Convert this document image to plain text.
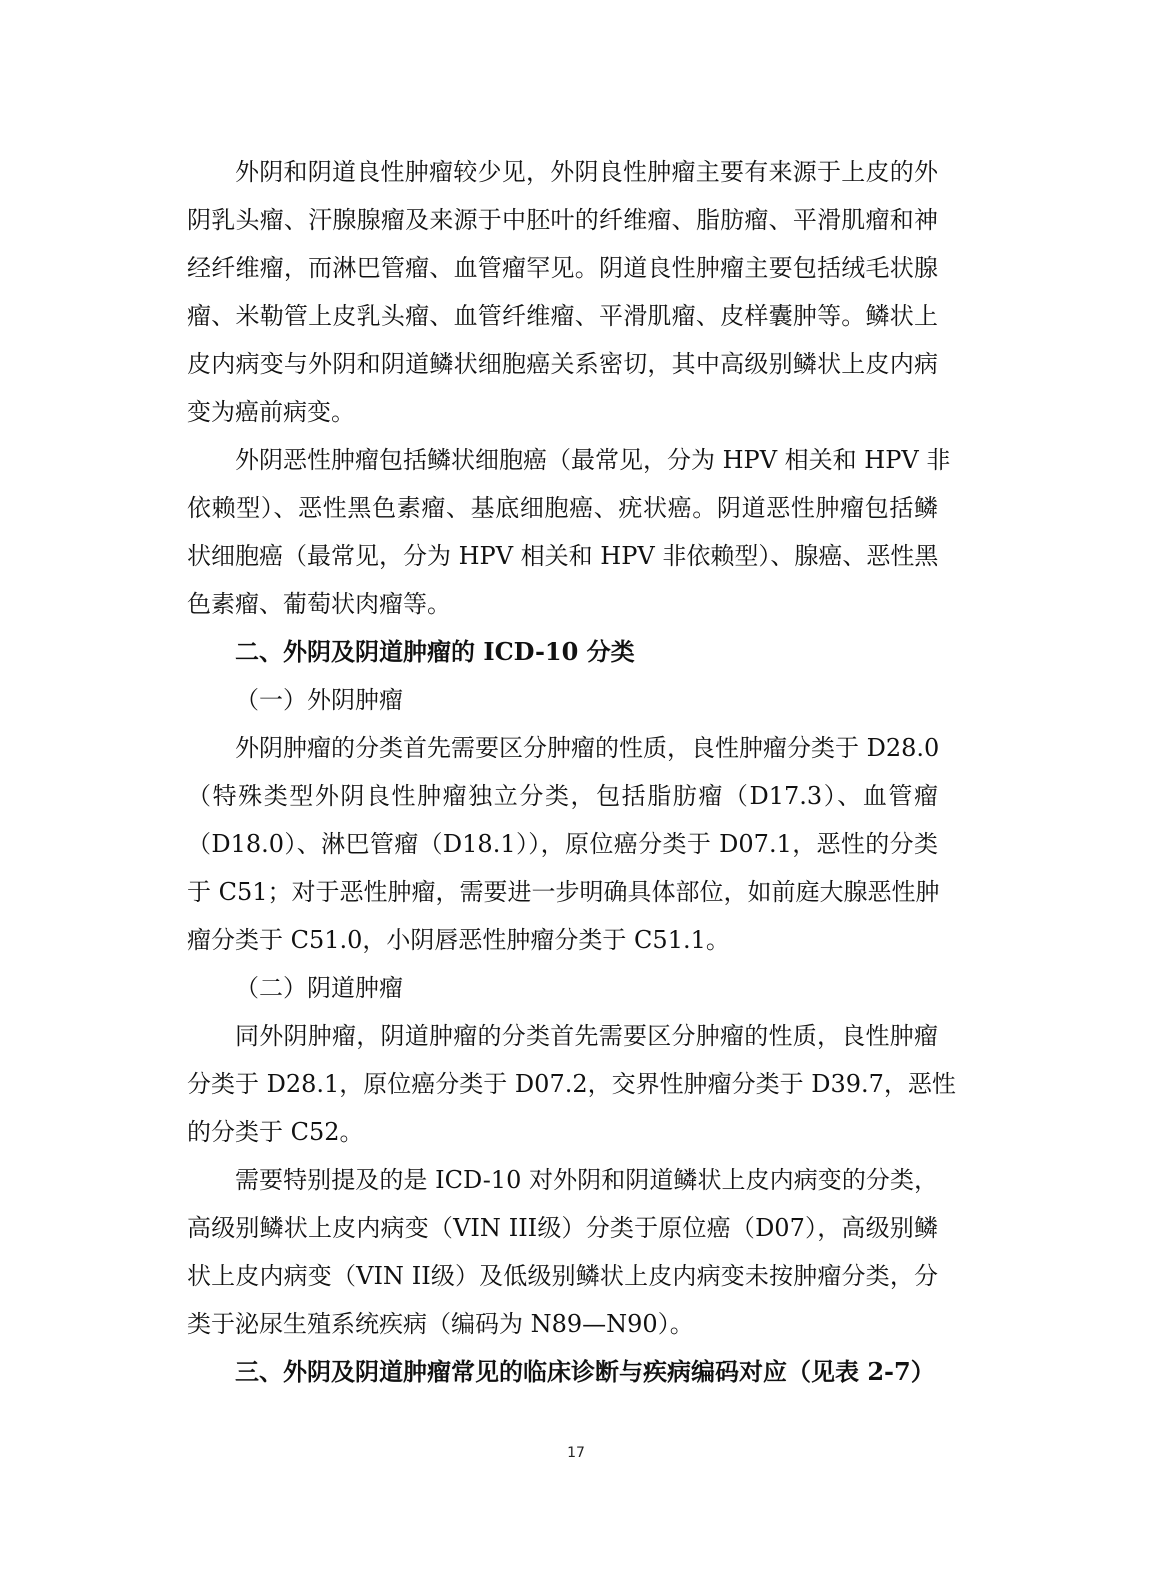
外阴和阴道良性肿瘤较少见，外阴良性肿瘤主要有来源于上皮的外
阴乳头瘤、汗腺腺瘤及来源于中胚叶的纤维瘤、脂肪瘤、平滑肌瘤和神
经纤维瘤，而淋巴管瘤、血管瘤罕见。阴道良性肿瘤主要包括绒毛状腺
瘤、米勒管上皮乳头瘤、血管纤维瘤、平滑肌瘤、皮样囊肿等。鳞状上
皮内病变与外阴和阴道鳞状细胞癌关系密切，其中高级别鳞状上皮内病
变为癌前病变。
外阴恶性肿瘤包括鳞状细胞癌（最常见，分为 HPV 相关和 HPV 非
依赖型）、恶性黑色素瘤、基底细胞癌、疣状癌。阴道恶性肿瘤包括鳞
状细胞癌（最常见，分为 HPV 相关和 HPV 非依赖型）、腺癌、恶性黑
色素瘤、葡萄状肉瘤等。
二、外阴及阴道肿瘤的 ICD-10 分类
（一）外阴肿瘤
外阴肿瘤的分类首先需要区分肿瘤的性质，良性肿瘤分类于 D28.0
（特殊类型外阴良性肿瘤独立分类，包括脂肪瘤（D17.3）、血管瘤
（D18.0）、淋巴管瘤（D18.1）），原位癌分类于 D07.1，恶性的分类
于 C51；对于恶性肿瘤，需要进一步明确具体部位，如前庭大腺恶性肿
瘤分类于 C51.0，小阴唇恶性肿瘤分类于 C51.1。
（二）阴道肿瘤
同外阴肿瘤，阴道肿瘤的分类首先需要区分肿瘤的性质，良性肿瘤
分类于 D28.1，原位癌分类于 D07.2，交界性肿瘤分类于 D39.7，恶性
的分类于 C52。
需要特别提及的是 ICD-10 对外阴和阴道鳞状上皮内病变的分类，
高级别鳞状上皮内病变（VIN III级）分类于原位癌（D07），高级别鳞
状上皮内病变（VIN II级）及低级别鳞状上皮内病变未按肿瘤分类，分
类于泌尿生殖系统疾病（编码为 N89—N90）。
三、外阴及阴道肿瘤常见的临床诊断与疾病编码对应（见表 2-7）
17
